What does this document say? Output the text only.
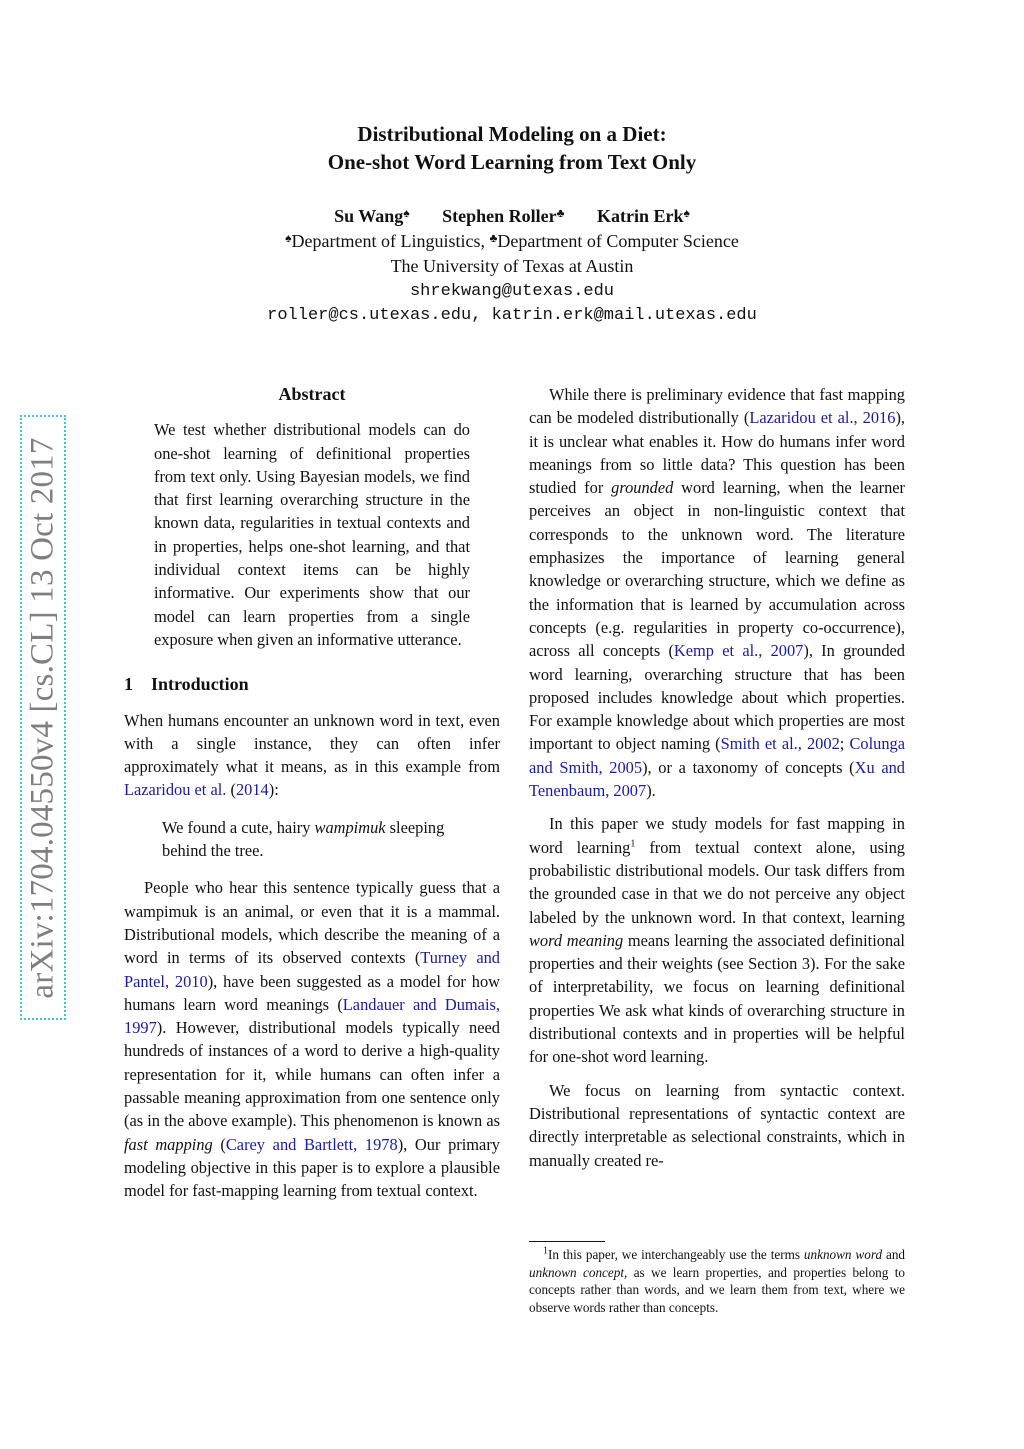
arXiv:1704.04550v4 [cs.CL] 13 Oct 2017
Distributional Modeling on a Diet:
One-shot Word Learning from Text Only
Su Wang♠ Stephen Roller♣ Katrin Erk♠
♠Department of Linguistics, ♣Department of Computer Science
The University of Texas at Austin
shrekwang@utexas.edu
roller@cs.utexas.edu, katrin.erk@mail.utexas.edu

Abstract

We test whether distributional models can do one-shot learning of definitional properties from text only. Using Bayesian models, we find that first learning overarching structure in the known data, regularities in textual contexts and in properties, helps one-shot learning, and that individual context items can be highly informative. Our experiments show that our model can learn properties from a single exposure when given an informative utterance.

1 Introduction

When humans encounter an unknown word in text, even with a single instance, they can often infer approximately what it means, as in this example from Lazaridou et al. (2014):

We found a cute, hairy wampimuk sleeping behind the tree.

People who hear this sentence typically guess that a wampimuk is an animal, or even that it is a mammal. Distributional models, which describe the meaning of a word in terms of its observed contexts (Turney and Pantel, 2010), have been suggested as a model for how humans learn word meanings (Landauer and Dumais, 1997). However, distributional models typically need hundreds of instances of a word to derive a high-quality representation for it, while humans can often infer a passable meaning approximation from one sentence only (as in the above example). This phenomenon is known as fast mapping (Carey and Bartlett, 1978), Our primary modeling objective in this paper is to explore a plausible model for fast-mapping learning from textual context.

While there is preliminary evidence that fast mapping can be modeled distributionally (Lazaridou et al., 2016), it is unclear what enables it. How do humans infer word meanings from so little data? This question has been studied for grounded word learning, when the learner perceives an object in non-linguistic context that corresponds to the unknown word. The literature emphasizes the importance of learning general knowledge or overarching structure, which we define as the information that is learned by accumulation across concepts (e.g. regularities in property co-occurrence), across all concepts (Kemp et al., 2007), In grounded word learning, overarching structure that has been proposed includes knowledge about which properties. For example knowledge about which properties are most important to object naming (Smith et al., 2002; Colunga and Smith, 2005), or a taxonomy of concepts (Xu and Tenenbaum, 2007).

In this paper we study models for fast mapping in word learning$^1$ from textual context alone, using probabilistic distributional models. Our task differs from the grounded case in that we do not perceive any object labeled by the unknown word. In that context, learning word meaning means learning the associated definitional properties and their weights (see Section 3). For the sake of interpretability, we focus on learning definitional properties We ask what kinds of overarching structure in distributional contexts and in properties will be helpful for one-shot word learning.

We focus on learning from syntactic context. Distributional representations of syntactic context are directly interpretable as selectional constraints, which in manually created re-

$^1$In this paper, we interchangeably use the terms unknown word and unknown concept, as we learn properties, and properties belong to concepts rather than words, and we learn them from text, where we observe words rather than concepts.
